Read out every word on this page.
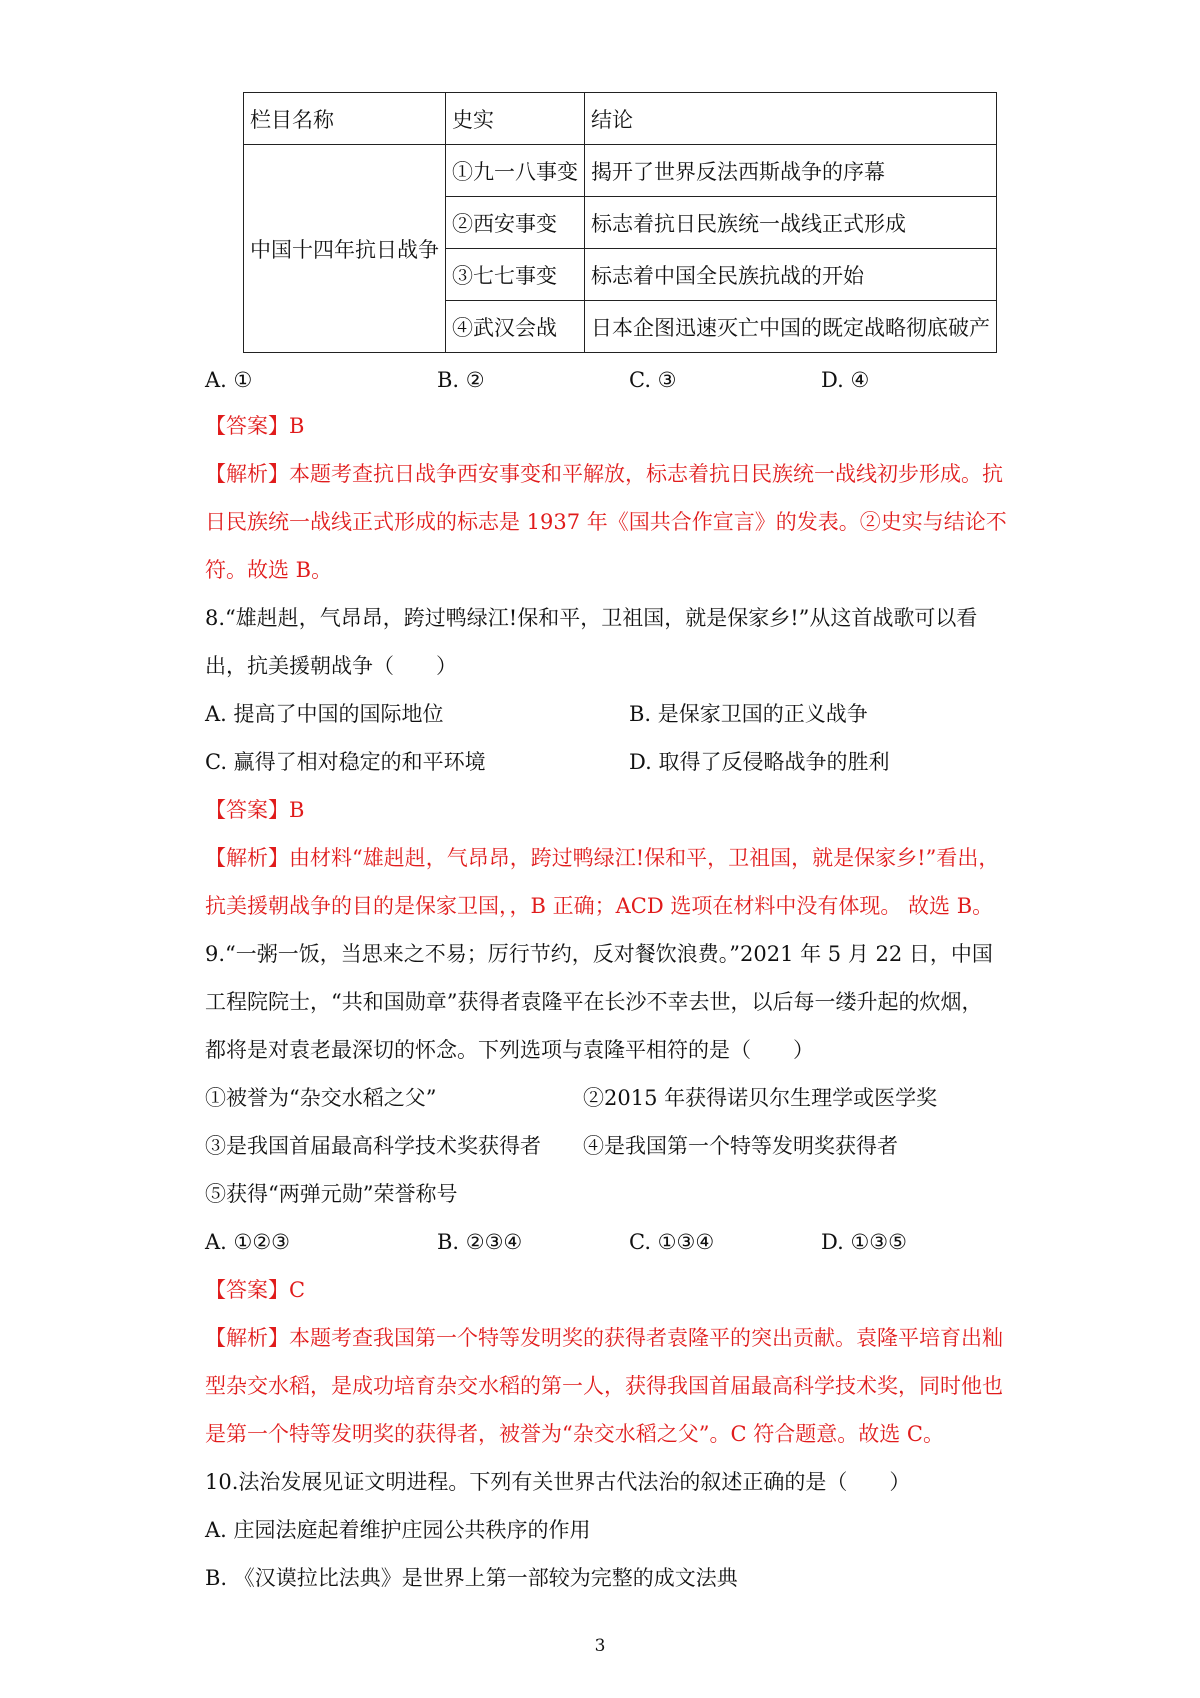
栏目名称	史实	结论
中国十四年抗日战争	①九一八事变	揭开了世界反法西斯战争的序幕
	②西安事变	标志着抗日民族统一战线正式形成
	③七七事变	标志着中国全民族抗战的开始
	④武汉会战	日本企图迅速灭亡中国的既定战略彻底破产
A. ①	B. ②	C. ③	D. ④
【答案】B
【解析】本题考查抗日战争西安事变和平解放，标志着抗日民族统一战线初步形成。抗
日民族统一战线正式形成的标志是 1937 年《国共合作宣言》的发表。②史实与结论不
符。故选 B。
8.“雄赳赳，气昂昂，跨过鸭绿江!保和平，卫祖国，就是保家乡!”从这首战歌可以看
出，抗美援朝战争（　　）
A. 提高了中国的国际地位	B. 是保家卫国的正义战争
C. 赢得了相对稳定的和平环境	D. 取得了反侵略战争的胜利
【答案】B
【解析】由材料“雄赳赳，气昂昂，跨过鸭绿江!保和平，卫祖国，就是保家乡!”看出，
抗美援朝战争的目的是保家卫国，，B 正确；ACD 选项在材料中没有体现。 故选 B。
9.“一粥一饭，当思来之不易；厉行节约，反对餐饮浪费。”2021 年 5 月 22 日，中国
工程院院士，“共和国勋章”获得者袁隆平在长沙不幸去世，以后每一缕升起的炊烟，
都将是对袁老最深切的怀念。下列选项与袁隆平相符的是（　　）
①被誉为“杂交水稻之父”	②2015 年获得诺贝尔生理学或医学奖
③是我国首届最高科学技术奖获得者 ④是我国第一个特等发明奖获得者
⑤获得“两弹元勋”荣誉称号
A. ①②③	B. ②③④	C. ①③④	D. ①③⑤
【答案】C
【解析】本题考查我国第一个特等发明奖的获得者袁隆平的突出贡献。袁隆平培育出籼
型杂交水稻，是成功培育杂交水稻的第一人，获得我国首届最高科学技术奖，同时他也
是第一个特等发明奖的获得者，被誉为“杂交水稻之父”。C 符合题意。故选 C。
10.法治发展见证文明进程。下列有关世界古代法治的叙述正确的是（　　）
A. 庄园法庭起着维护庄园公共秩序的作用
B. 《汉谟拉比法典》是世界上第一部较为完整的成文法典
3
